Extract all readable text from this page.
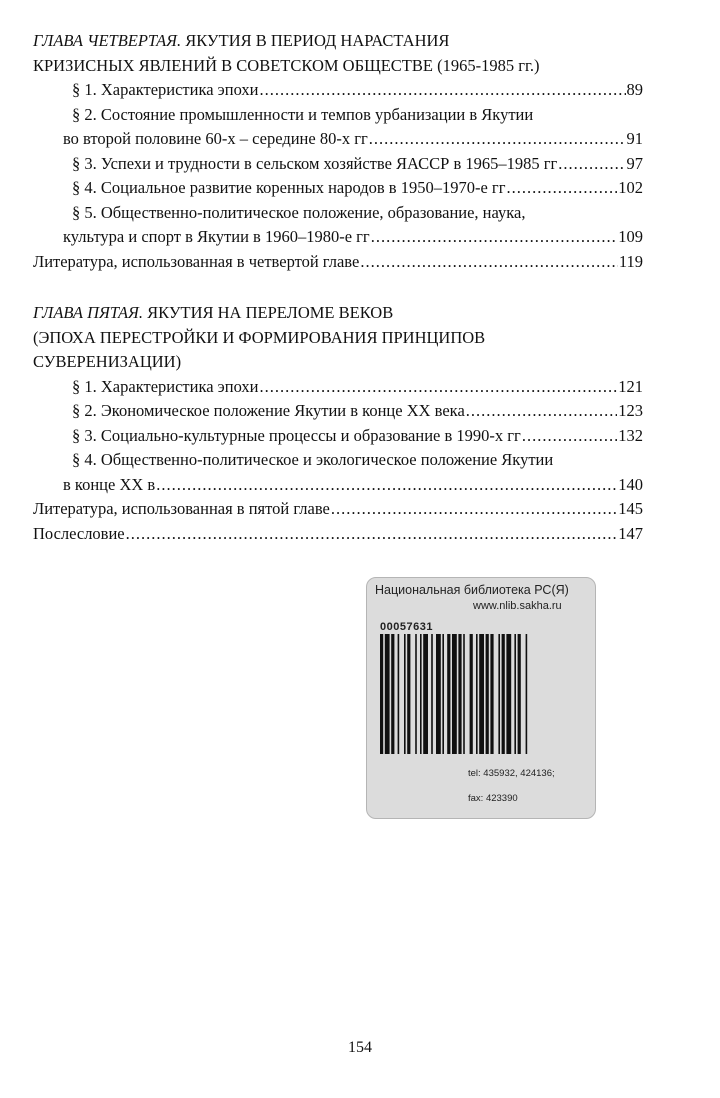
ГЛАВА ЧЕТВЕРТАЯ. ЯКУТИЯ В ПЕРИОД НАРАСТАНИЯ
КРИЗИСНЫХ ЯВЛЕНИЙ В СОВЕТСКОМ ОБЩЕСТВЕ (1965-1985 гг.)
§ 1. Характеристика эпохи .....	89
§ 2. Состояние промышленности и темпов урбанизации в Якутии
во второй половине 60-х – середине 80-х гг .....	91
§ 3. Успехи и трудности в сельском хозяйстве ЯАССР в 1965–1985 гг .....	97
§ 4. Социальное развитие коренных народов в 1950–1970-е гг .....	102
§ 5. Общественно-политическое положение, образование, наука,
культура и спорт в Якутии в 1960–1980-е гг .....	109
Литература, использованная в четвертой главе .....	119
ГЛАВА ПЯТАЯ. ЯКУТИЯ НА ПЕРЕЛОМЕ ВЕКОВ
(ЭПОХА ПЕРЕСТРОЙКИ И ФОРМИРОВАНИЯ ПРИНЦИПОВ
СУВЕРЕНИЗАЦИИ)
§ 1. Характеристика эпохи .....	121
§ 2. Экономическое положение Якутии в конце XX века .....	123
§ 3. Социально-культурные процессы и образование в 1990-х гг .....	132
§ 4. Общественно-политическое и экологическое положение Якутии
в конце XX в .....	140
Литература, использованная в пятой главе .....	145
Послесловие .....	147
Национальная библиотека РС(Я)
www.nlib.sakha.ru
00057631
tel: 435932, 424136;
fax: 423390
154
